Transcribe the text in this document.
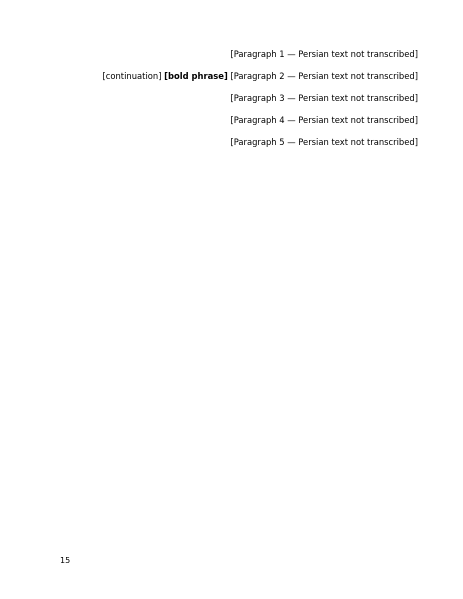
[Paragraph 1 — Persian text not transcribed]

[Paragraph 2 — Persian text not transcribed] [bold phrase] [continuation]

[Paragraph 3 — Persian text not transcribed]

[Paragraph 4 — Persian text not transcribed]

[Paragraph 5 — Persian text not transcribed]

15
